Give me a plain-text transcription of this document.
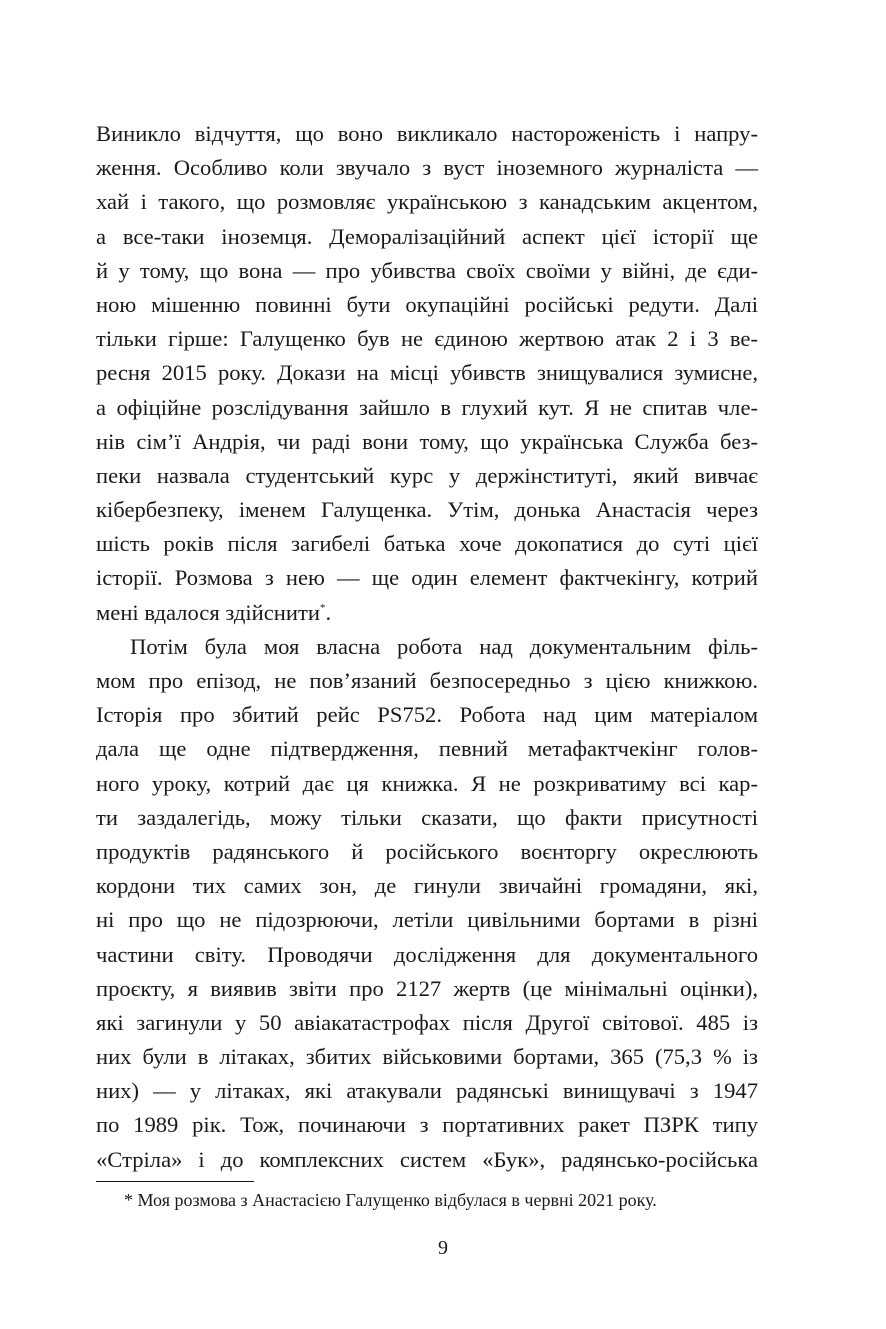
Виникло відчуття, що воно викликало настороженість і напру-
ження. Особливо коли звучало з вуст іноземного журналіста —
хай і такого, що розмовляє українською з канадським акцентом,
а все-таки іноземця. Деморалізаційний аспект цієї історії ще
й у тому, що вона — про убивства своїх своїми у війні, де єди-
ною мішенню повинні бути окупаційні російські редути. Далі
тільки гірше: Галущенко був не єдиною жертвою атак 2 і 3 ве-
ресня 2015 року. Докази на місці убивств знищувалися зумисне,
а офіційне розслідування зайшло в глухий кут. Я не спитав чле-
нів сім’ї Андрія, чи раді вони тому, що українська Служба без-
пеки назвала студентський курс у держінституті, який вивчає
кібербезпеку, іменем Галущенка. Утім, донька Анастасія через
шість років після загибелі батька хоче докопатися до суті цієї
історії. Розмова з нею — ще один елемент фактчекінгу, котрий
мені вдалося здійснити*.
Потім була моя власна робота над документальним філь-
мом про епізод, не пов’язаний безпосередньо з цією книжкою.
Історія про збитий рейс PS752. Робота над цим матеріалом
дала ще одне підтвердження, певний метафактчекінг голов-
ного уроку, котрий дає ця книжка. Я не розкриватиму всі кар-
ти заздалегідь, можу тільки сказати, що факти присутності
продуктів радянського й російського воєнторгу окреслюють
кордони тих самих зон, де гинули звичайні громадяни, які,
ні про що не підозрюючи, летіли цивільними бортами в різні
частини світу. Проводячи дослідження для документального
проєкту, я виявив звіти про 2127 жертв (це мінімальні оцінки),
які загинули у 50 авіакатастрофах після Другої світової. 485 із
них були в літаках, збитих військовими бортами, 365 (75,3 % із
них) — у літаках, які атакували радянські винищувачі з 1947
по 1989 рік. Тож, починаючи з портативних ракет ПЗРК типу
«Стріла» і до комплексних систем «Бук», радянсько-російська
* Моя розмова з Анастасією Галущенко відбулася в червні 2021 року.
9
